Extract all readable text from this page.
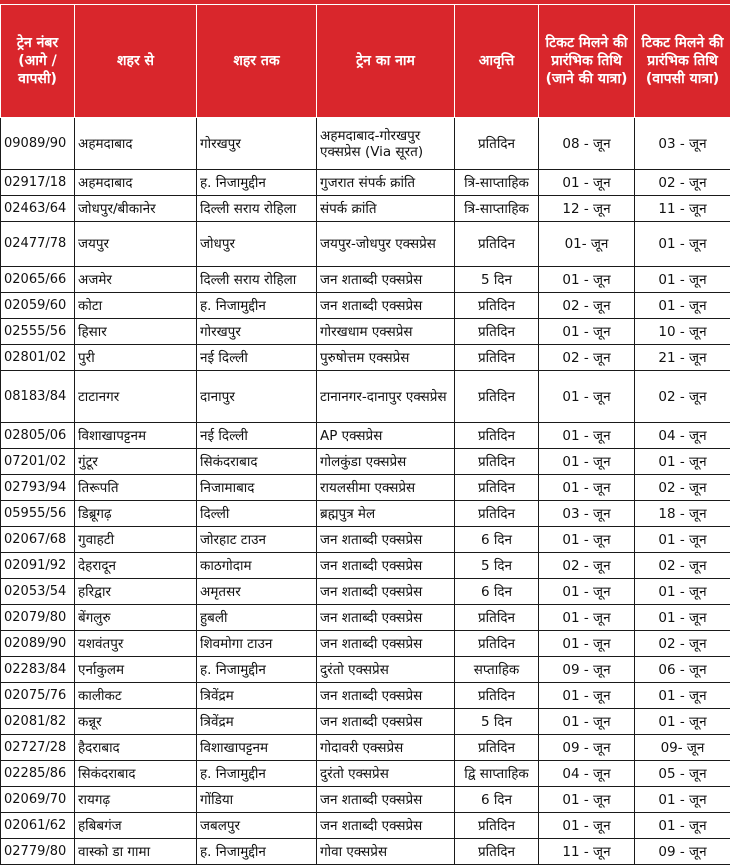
ट्रेन नंबर (आगे / वापसी)	शहर से	शहर तक	ट्रेन का नाम	आवृत्ति	टिकट मिलने की प्रारंभिक तिथि (जाने की यात्रा)	टिकट मिलने की प्रारंभिक तिथि (वापसी यात्रा)
09089/90	अहमदाबाद	गोरखपुर	अहमदाबाद-गोरखपुर एक्सप्रेस (Via सूरत)	प्रतिदिन	08 - जून	03 - जून
02917/18	अहमदाबाद	ह. निजामुद्दीन	गुजरात संपर्क क्रांति	त्रि-साप्ताहिक	01 - जून	02 - जून
02463/64	जोधपुर/बीकानेर	दिल्ली सराय रोहिला	संपर्क क्रांति	त्रि-साप्ताहिक	12 - जून	11 - जून
02477/78	जयपुर	जोधपुर	जयपुर-जोधपुर एक्सप्रेस	प्रतिदिन	01- जून	01 - जून
02065/66	अजमेर	दिल्ली सराय रोहिला	जन शताब्दी एक्सप्रेस	5 दिन	01 - जून	01 - जून
02059/60	कोटा	ह. निजामुद्दीन	जन शताब्दी एक्सप्रेस	प्रतिदिन	02 - जून	01 - जून
02555/56	हिसार	गोरखपुर	गोरखधाम एक्सप्रेस	प्रतिदिन	01 - जून	10 - जून
02801/02	पुरी	नई दिल्ली	पुरुषोत्तम एक्सप्रेस	प्रतिदिन	02 - जून	21 - जून
08183/84	टाटानगर	दानापुर	टानानगर-दानापुर एक्सप्रेस	प्रतिदिन	01 - जून	02 - जून
02805/06	विशाखापट्टनम	नई दिल्ली	AP एक्सप्रेस	प्रतिदिन	01 - जून	04 - जून
07201/02	गुंटूर	सिकंदराबाद	गोलकुंडा एक्सप्रेस	प्रतिदिन	01 - जून	01 - जून
02793/94	तिरूपति	निजामाबाद	रायलसीमा एक्सप्रेस	प्रतिदिन	01 - जून	02 - जून
05955/56	डिब्रूगढ़	दिल्ली	ब्रह्मपुत्र मेल	प्रतिदिन	03 - जून	18 - जून
02067/68	गुवाहटी	जोरहाट टाउन	जन शताब्दी एक्सप्रेस	6 दिन	01 - जून	01 - जून
02091/92	देहरादून	काठगोदाम	जन शताब्दी एक्सप्रेस	5 दिन	02 - जून	02 - जून
02053/54	हरिद्वार	अमृतसर	जन शताब्दी एक्सप्रेस	6 दिन	01 - जून	01 - जून
02079/80	बेंगलुरु	हुबली	जन शताब्दी एक्सप्रेस	प्रतिदिन	01 - जून	01 - जून
02089/90	यशवंतपुर	शिवमोगा टाउन	जन शताब्दी एक्सप्रेस	प्रतिदिन	01 - जून	02 - जून
02283/84	एर्नाकुलम	ह. निजामुद्दीन	दुरंतो एक्सप्रेस	सप्ताहिक	09 - जून	06 - जून
02075/76	कालीकट	त्रिवेंद्रम	जन शताब्दी एक्सप्रेस	प्रतिदिन	01 - जून	01 - जून
02081/82	कन्नूर	त्रिवेंद्रम	जन शताब्दी एक्सप्रेस	5 दिन	01 - जून	01 - जून
02727/28	हैदराबाद	विशाखापट्टनम	गोदावरी एक्सप्रेस	प्रतिदिन	09 - जून	09- जून
02285/86	सिकंदराबाद	ह. निजामुद्दीन	दुरंतो एक्सप्रेस	द्वि साप्ताहिक	04 - जून	05 - जून
02069/70	रायगढ़	गोंडिया	जन शताब्दी एक्सप्रेस	6 दिन	01 - जून	01 - जून
02061/62	हबिबगंज	जबलपुर	जन शताब्दी एक्सप्रेस	प्रतिदिन	01 - जून	01 - जून
02779/80	वास्को डा गामा	ह. निजामुद्दीन	गोवा एक्सप्रेस	प्रतिदिन	11 - जून	09 - जून
